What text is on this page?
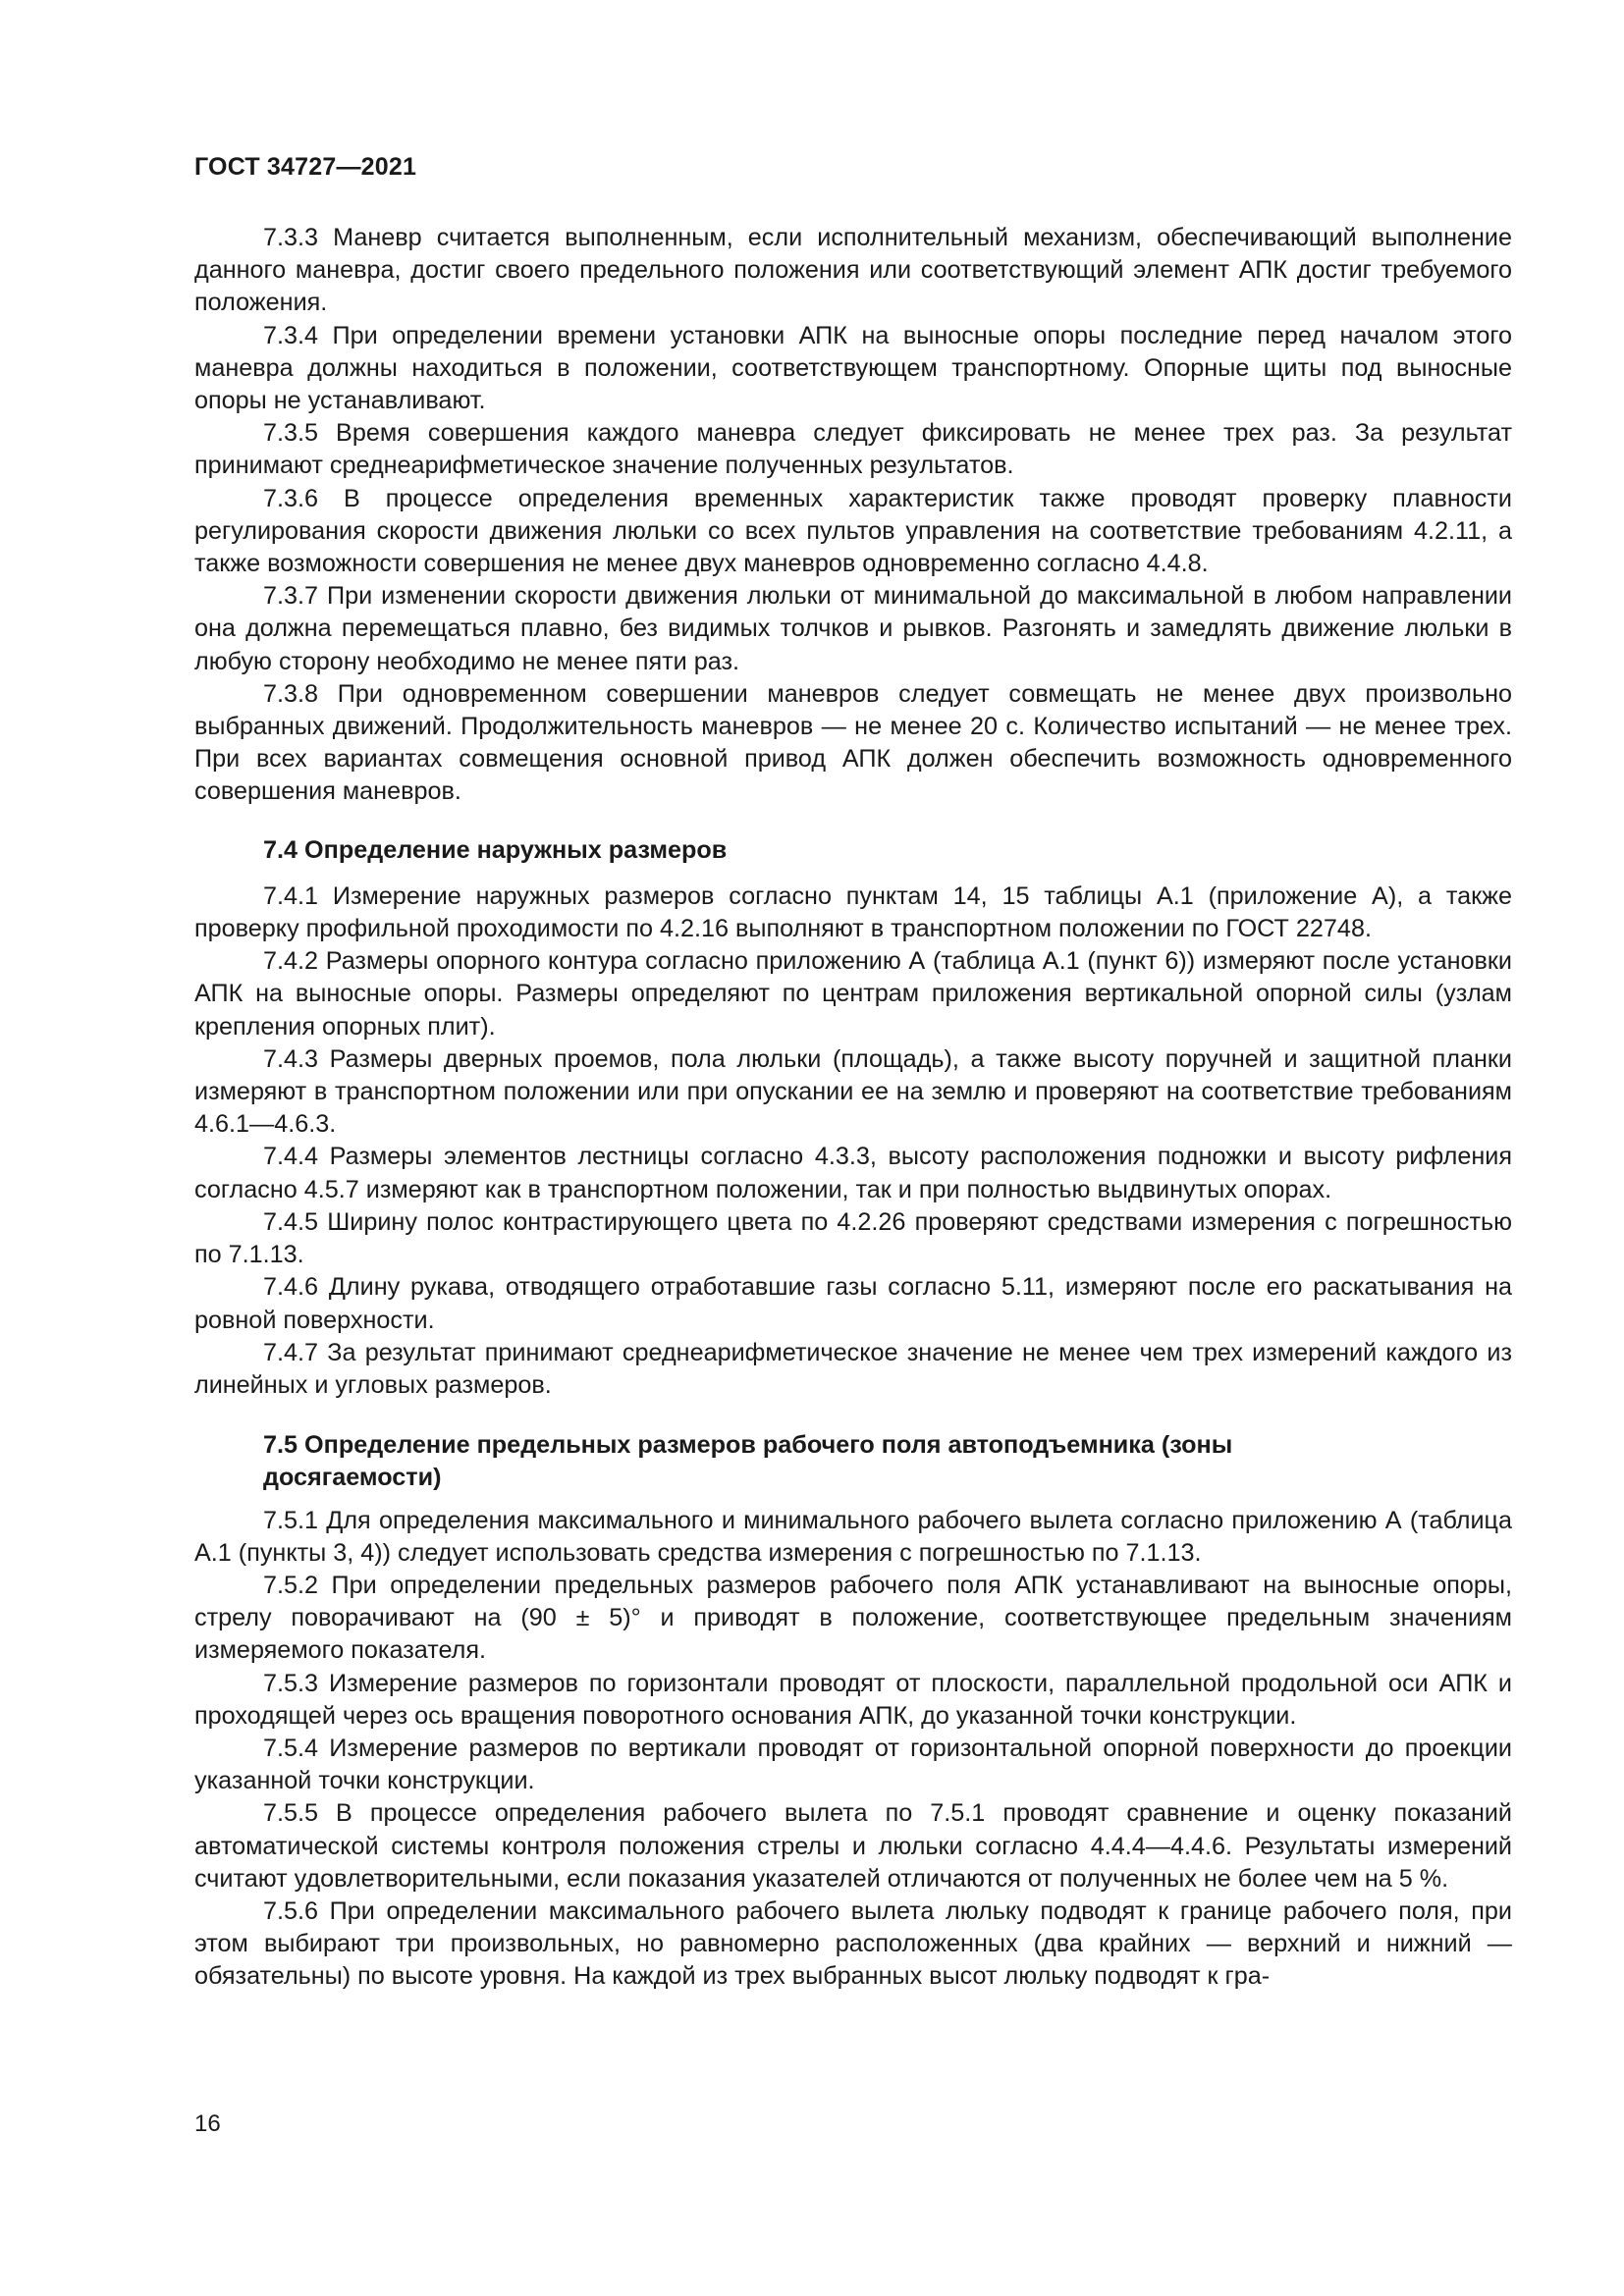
ГОСТ 34727—2021

7.3.3 Маневр считается выполненным, если исполнительный механизм, обеспечивающий выполнение данного маневра, достиг своего предельного положения или соответствующий элемент АПК достиг требуемого положения.

7.3.4 При определении времени установки АПК на выносные опоры последние перед началом этого маневра должны находиться в положении, соответствующем транспортному. Опорные щиты под выносные опоры не устанавливают.

7.3.5 Время совершения каждого маневра следует фиксировать не менее трех раз. За результат принимают среднеарифметическое значение полученных результатов.

7.3.6 В процессе определения временных характеристик также проводят проверку плавности регулирования скорости движения люльки со всех пультов управления на соответствие требованиям 4.2.11, а также возможности совершения не менее двух маневров одновременно согласно 4.4.8.

7.3.7 При изменении скорости движения люльки от минимальной до максимальной в любом направлении она должна перемещаться плавно, без видимых толчков и рывков. Разгонять и замедлять движение люльки в любую сторону необходимо не менее пяти раз.

7.3.8 При одновременном совершении маневров следует совмещать не менее двух произвольно выбранных движений. Продолжительность маневров — не менее 20 с. Количество испытаний — не менее трех. При всех вариантах совмещения основной привод АПК должен обеспечить возможность одновременного совершения маневров.

7.4 Определение наружных размеров

7.4.1 Измерение наружных размеров согласно пунктам 14, 15 таблицы А.1 (приложение А), а также проверку профильной проходимости по 4.2.16 выполняют в транспортном положении по ГОСТ 22748.

7.4.2 Размеры опорного контура согласно приложению А (таблица А.1 (пункт 6)) измеряют после установки АПК на выносные опоры. Размеры определяют по центрам приложения вертикальной опорной силы (узлам крепления опорных плит).

7.4.3 Размеры дверных проемов, пола люльки (площадь), а также высоту поручней и защитной планки измеряют в транспортном положении или при опускании ее на землю и проверяют на соответствие требованиям 4.6.1—4.6.3.

7.4.4 Размеры элементов лестницы согласно 4.3.3, высоту расположения подножки и высоту рифления согласно 4.5.7 измеряют как в транспортном положении, так и при полностью выдвинутых опорах.

7.4.5 Ширину полос контрастирующего цвета по 4.2.26 проверяют средствами измерения с погрешностью по 7.1.13.

7.4.6 Длину рукава, отводящего отработавшие газы согласно 5.11, измеряют после его раскатывания на ровной поверхности.

7.4.7 За результат принимают среднеарифметическое значение не менее чем трех измерений каждого из линейных и угловых размеров.

7.5 Определение предельных размеров рабочего поля автоподъемника (зоны досягаемости)

7.5.1 Для определения максимального и минимального рабочего вылета согласно приложению А (таблица А.1 (пункты 3, 4)) следует использовать средства измерения с погрешностью по 7.1.13.

7.5.2 При определении предельных размеров рабочего поля АПК устанавливают на выносные опоры, стрелу поворачивают на (90 ± 5)° и приводят в положение, соответствующее предельным значениям измеряемого показателя.

7.5.3 Измерение размеров по горизонтали проводят от плоскости, параллельной продольной оси АПК и проходящей через ось вращения поворотного основания АПК, до указанной точки конструкции.

7.5.4 Измерение размеров по вертикали проводят от горизонтальной опорной поверхности до проекции указанной точки конструкции.

7.5.5 В процессе определения рабочего вылета по 7.5.1 проводят сравнение и оценку показаний автоматической системы контроля положения стрелы и люльки согласно 4.4.4—4.4.6. Результаты измерений считают удовлетворительными, если показания указателей отличаются от полученных не более чем на 5 %.

7.5.6 При определении максимального рабочего вылета люльку подводят к границе рабочего поля, при этом выбирают три произвольных, но равномерно расположенных (два крайних — верхний и нижний — обязательны) по высоте уровня. На каждой из трех выбранных высот люльку подводят к гра-

16
